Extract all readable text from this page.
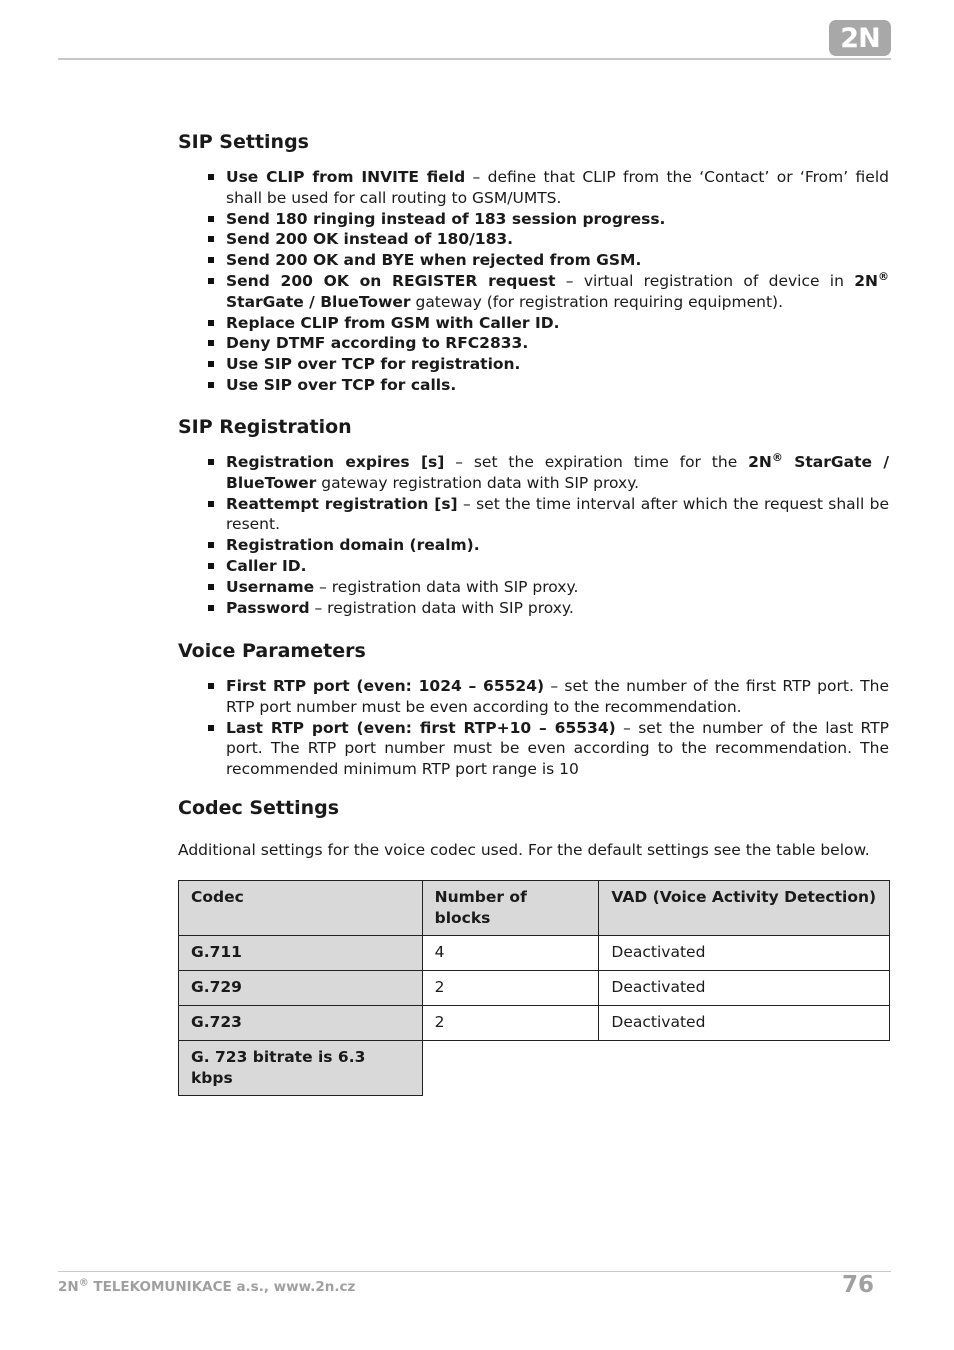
2N
SIP Settings
Use CLIP from INVITE field – define that CLIP from the ‘Contact’ or ‘From’ field shall be used for call routing to GSM/UMTS.
Send 180 ringing instead of 183 session progress.
Send 200 OK instead of 180/183.
Send 200 OK and BYE when rejected from GSM.
Send 200 OK on REGISTER request – virtual registration of device in 2N® StarGate / BlueTower gateway (for registration requiring equipment).
Replace CLIP from GSM with Caller ID.
Deny DTMF according to RFC2833.
Use SIP over TCP for registration.
Use SIP over TCP for calls.
SIP Registration
Registration expires [s] – set the expiration time for the 2N® StarGate / BlueTower gateway registration data with SIP proxy.
Reattempt registration [s] – set the time interval after which the request shall be resent.
Registration domain (realm).
Caller ID.
Username – registration data with SIP proxy.
Password – registration data with SIP proxy.
Voice Parameters
First RTP port (even: 1024 – 65524) – set the number of the first RTP port. The RTP port number must be even according to the recommendation.
Last RTP port (even: first RTP+10 – 65534) – set the number of the last RTP port. The RTP port number must be even according to the recommendation. The recommended minimum RTP port range is 10
Codec Settings

Additional settings for the voice codec used. For the default settings see the table below.

Codec	Number of blocks	VAD (Voice Activity Detection)
G.711	4	Deactivated
G.729	2	Deactivated
G.723	2	Deactivated
G. 723 bitrate is 6.3 kbps		
2N® TELEKOMUNIKACE a.s., www.2n.cz	76
